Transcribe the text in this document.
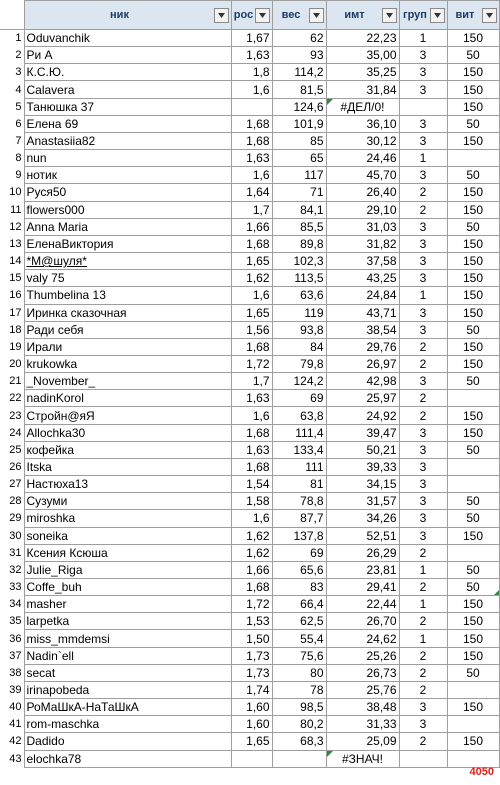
	ник	рос	вес	имт	груп	вит

1	Oduvanchik	1,67	62	22,23	1	150
2	Ри А	1,63	93	35,00	3	50
3	К.С.Ю.	1,8	114,2	35,25	3	150
4	Calavera	1,6	81,5	31,84	3	150
5	Танюшка 37		124,6	#ДЕЛ/0!		150
6	Елена 69	1,68	101,9	36,10	3	50
7	Anastasiia82	1,68	85	30,12	3	150
8	nun	1,63	65	24,46	1	
9	нотик	1,6	117	45,70	3	50
10	Руся50	1,64	71	26,40	2	150
11	flowers000	1,7	84,1	29,10	2	150
12	Anna Maria	1,66	85,5	31,03	3	50
13	ЕленаВиктория	1,68	89,8	31,82	3	150
14	*M@шуля*	1,65	102,3	37,58	3	150
15	valy 75	1,62	113,5	43,25	3	150
16	Thumbelina 13	1,6	63,6	24,84	1	150
17	Иринка сказочная	1,65	119	43,71	3	150
18	Ради себя	1,56	93,8	38,54	3	50
19	Ирали	1,68	84	29,76	2	150
20	krukowka	1,72	79,8	26,97	2	150
21	_November_	1,7	124,2	42,98	3	50
22	nadinKorol	1,63	69	25,97	2	
23	Стройн@яЯ	1,6	63,8	24,92	2	150
24	Allochka30	1,68	111,4	39,47	3	150
25	кофейка	1,63	133,4	50,21	3	50
26	Itska	1,68	111	39,33	3	
27	Настюха13	1,54	81	34,15	3	
28	Сузуми	1,58	78,8	31,57	3	50
29	miroshka	1,6	87,7	34,26	3	50
30	soneika	1,62	137,8	52,51	3	150
31	Ксения Ксюша	1,62	69	26,29	2	
32	Julie_Riga	1,66	65,6	23,81	1	50
33	Coffe_buh	1,68	83	29,41	2	50

34	masher	1,72	66,4	22,44	1	150
35	larpetka	1,53	62,5	26,70	2	150
36	miss_mmdemsi	1,50	55,4	24,62	1	150
37	Nadin`ell	1,73	75,6	25,26	2	150
38	secat	1,73	80	26,73	2	50
39	irinapobeda	1,74	78	25,76	2	
40	РоМаШкА-НаТаШкА	1,60	98,5	38,48	3	150
41	rom-maschka	1,60	80,2	31,33	3	
42	Dadido	1,65	68,3	25,09	2	150
43	elochka78			#ЗНАЧ!

4050
